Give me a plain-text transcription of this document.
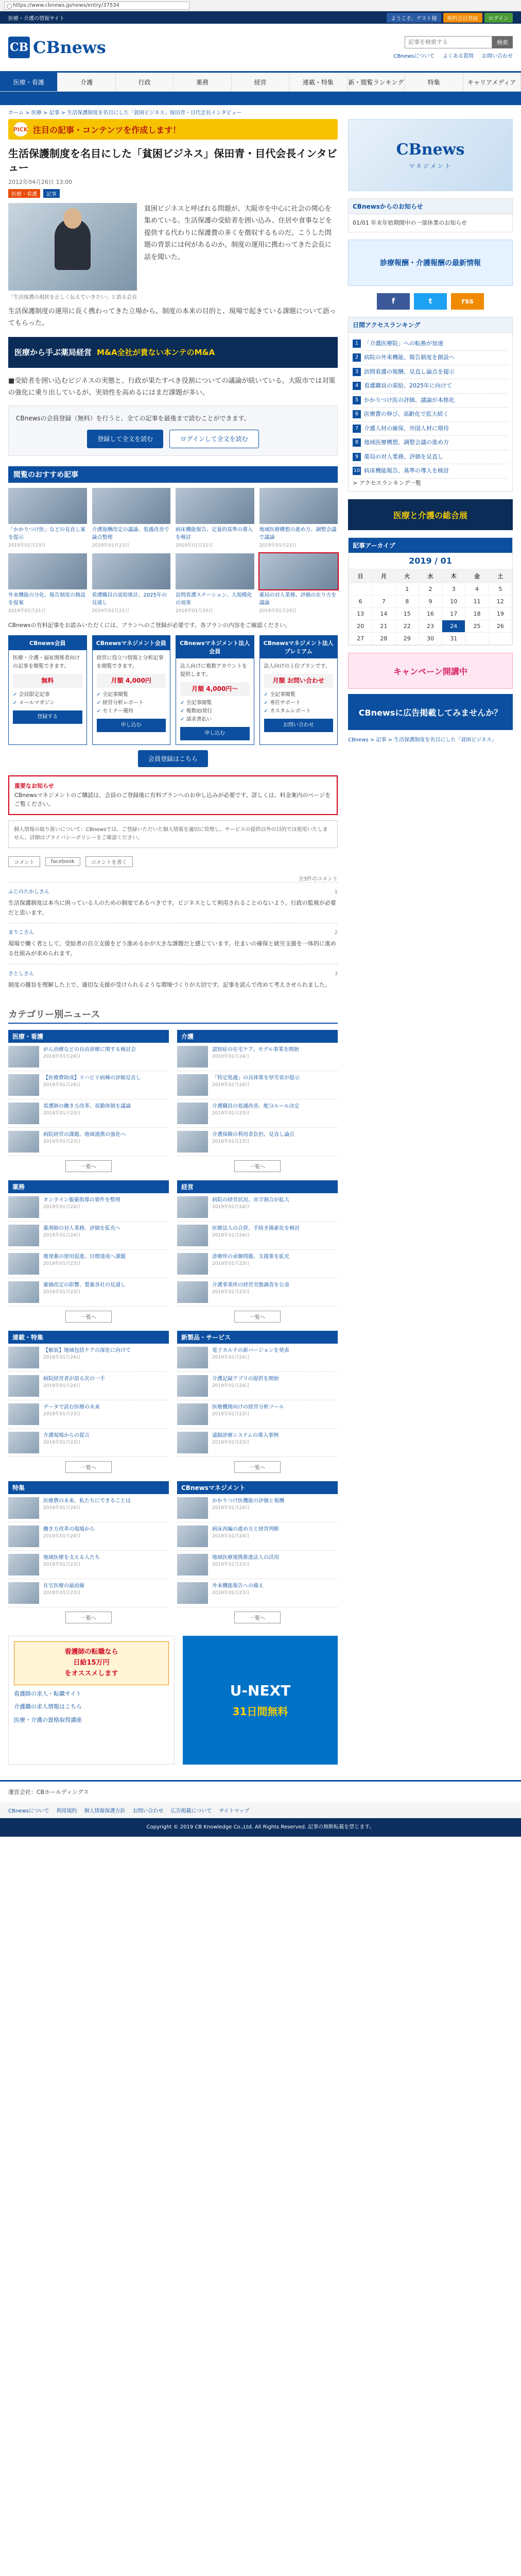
https://www.cbnews.jp/news/entry/37534
医療・介護の情報サイト	ようこそ、ゲスト様	無料会員登録	ログイン
CB CBnews
記事を検索する	検索
CBnewsについて よくある質問 お問い合わせ
医療・看護	介護	行政	薬務	経営	連載・特集	新・閲覧ランキング	特集	キャリアメディア
ホーム > 医療 > 記事 > 生活保護制度を名目にした「貧困ビジネス」保田青・目代会長インタビュー
PICK 注目の記事・コンテンツを作成します！
生活保護制度を名目にした「貧困ビジネス」保田青・目代会長インタビュー
2012年04月26日 13:00
医療・看護	記事
「生活保護の現状を正しく伝えていきたい」と語る会長
貧困ビジネスと呼ばれる問題が、大阪市を中心に社会の関心を集めている。生活保護の受給者を囲い込み、住居や食事などを提供する代わりに保護費の多くを徴収するものだ。こうした問題の背景には何があるのか。制度の運用に携わってきた会長に話を聞いた。

生活保護制度の運用に長く携わってきた立場から、制度の本来の目的と、現場で起きている課題について語ってもらった。

医療から手ぶ薬局経営 M&A全社が貴ない本ンテのM&A

■受給者を囲い込むビジネスの実態と、行政が果たすべき役割についての議論が続いている。大阪市では対策の強化に乗り出しているが、実効性を高めるにはまだ課題が多い。

CBnewsの会員登録（無料）を行うと、全ての記事を最後まで読むことができます。
登録して全文を読む	ログインして全文を読む
閲覧のおすすめ記事
「かかりつけ医」などの見直し案を提示
2019年01月23日
介護報酬改定の議論、処遇改善で論点整理
2019年01月23日
病床機能報告、定量的基準の導入を検討
2019年01月22日
地域医療構想の進め方、調整会議で議論
2019年01月22日
外来機能の分化、報告制度の創設を提案
2019年01月21日
看護職員の需給推計、2025年の見通し
2019年01月21日
訪問看護ステーション、大規模化の効果
2019年01月20日
薬局の対人業務、評価の在り方を議論
2019年01月20日
CBnewsの有料記事をお読みいただくには、プランへのご登録が必要です。各プランの内容をご確認ください。
CBnews会員
医療・介護・福祉関係者向けの記事を閲覧できます。
無料
✓ 会員限定記事
✓ メールマガジン
登録する
CBnewsマネジメント会員
経営に役立つ情報と分析記事を閲覧できます。
月額 4,000円
✓ 全記事閲覧
✓ 経営分析レポート
✓ セミナー優待
申し込む
CBnewsマネジメント法人会員
法人向けに複数アカウントを提供します。
月額 4,000円〜
✓ 全記事閲覧
✓ 複数ID発行
✓ 請求書払い
申し込む
CBnewsマネジメント法人プレミアム
法人向けの上位プランです。
月額 お問い合わせ
✓ 全記事閲覧
✓ 専任サポート
✓ カスタムレポート
お問い合わせ
会員登録はこちら
重要なお知らせ
CBnewsマネジメントのご購読は、会員のご登録後に有料プランへのお申し込みが必要です。詳しくは、料金案内のページをご覧ください。
個人情報の取り扱いについて：CBnewsでは、ご登録いただいた個人情報を適切に管理し、サービスの提供以外の目的では使用いたしません。詳細はプライバシーポリシーをご確認ください。
コメント	facebook	コメントを書く
全3件のコメント
ふじのたかしさん	1
生活保護制度は本当に困っている人のための制度であるべきです。ビジネスとして利用されることのないよう、行政の監視が必要だと思います。
まりこさん	2
現場で働く者として、受給者の自立支援をどう進めるかが大きな課題だと感じています。住まいの確保と就労支援を一体的に進める仕組みが求められます。
さとしさん	3
制度の趣旨を理解した上で、適切な支援が受けられるような環境づくりが大切です。記事を読んで改めて考えさせられました。
カテゴリー別ニュース
医療・看護
がん治療などの自由診療に関する検討会
2019年01月24日
【医療費助成】リハビリ病棟の評価見直し
2019年01月24日
看護師の働き方改革、夜勤体制を議論
2019年01月23日
病院経営の課題、地域連携の強化へ
2019年01月23日
一覧へ
介護
認知症の在宅ケア、モデル事業を開始
2019年01月24日
「特定処遇」の具体策を厚労省が提示
2019年01月24日
介護職員の処遇改善、配分ルール決定
2019年01月23日
介護保険の利用者負担、見直し論点
2019年01月23日
一覧へ
薬務
オンライン服薬指導の要件を整理
2019年01月24日
薬剤師の対人業務、評価を拡充へ
2019年01月24日
後発薬の使用促進、目標達成へ課題
2019年01月23日
薬価改定の影響、製薬各社の見通し
2019年01月23日
一覧へ
経営
病院の経営状況、赤字割合が拡大
2019年01月24日
医療法人の合併、手続き簡素化を検討
2019年01月24日
診療所の承継問題、支援策を拡充
2019年01月23日
介護事業所の経営実態調査を公表
2019年01月23日
一覧へ
連載・特集
【解説】地域包括ケアの深化に向けて
2019年01月24日
病院経営者が語る次の一手
2019年01月24日
データで読む医療の未来
2019年01月23日
介護現場からの提言
2019年01月23日
一覧へ
新製品・サービス
電子カルテの新バージョンを発表
2019年01月24日
介護記録アプリの提供を開始
2019年01月24日
医療機関向けの経営分析ツール
2019年01月23日
遠隔診療システムの導入事例
2019年01月23日
一覧へ
特集
医療費の未来、私たちにできることは
2019年01月24日
働き方改革の現場から
2019年01月24日
地域医療を支える人たち
2019年01月23日
在宅医療の最前線
2019年01月23日
一覧へ
CBnewsマネジメント
かかりつけ医機能の評価と報酬
2019年01月24日
病床再編の進め方と経営判断
2019年01月24日
地域医療連携推進法人の活用
2019年01月23日
外来機能報告への備え
2019年01月23日
一覧へ
看護師の転職なら
日給15万円
をオススメします
看護師の求人・転職サイト
介護職の求人情報はこちら
医療・介護の資格取得講座
U-NEXT
31日間無料
CBnews
マネジメント
CBnewsからのお知らせ
01/01 年末年始期間中の一部休業のお知らせ
診療報酬・介護報酬の最新情報
f	t	rss
日間アクセスランキング
1 「介護医療院」への転換が加速
2 病院の外来機能、報告制度を創設へ
3 訪問看護の報酬、見直し論点を提示
4 看護職員の需給、2025年に向けて
5 かかりつけ医の評価、議論が本格化
6 医療費の伸び、高齢化で拡大続く
7 介護人材の確保、外国人材に期待
8 地域医療構想、調整会議の進め方
9 薬局の対人業務、評価を見直し
10 病床機能報告、基準の導入を検討
> アクセスランキング一覧
医療と介護の総合展
記事アーカイブ
2019 / 01
日	月	火	水	木	金	土
		1	2	3	4	5
6	7	8	9	10	11	12
13	14	15	16	17	18	19
20	21	22	23	24	25	26
27	28	29	30	31		
キャンペーン開講中
CBnewsに広告掲載してみませんか？
CBnews > 記事 > 生活保護制度を名目にした「貧困ビジネス」
運営会社：CBホールディングス
CBnewsについて 利用規約 個人情報保護方針 お問い合わせ 広告掲載について サイトマップ
Copyright © 2019 CB Knowledge Co.,Ltd. All Rights Reserved. 記事の無断転載を禁じます。
